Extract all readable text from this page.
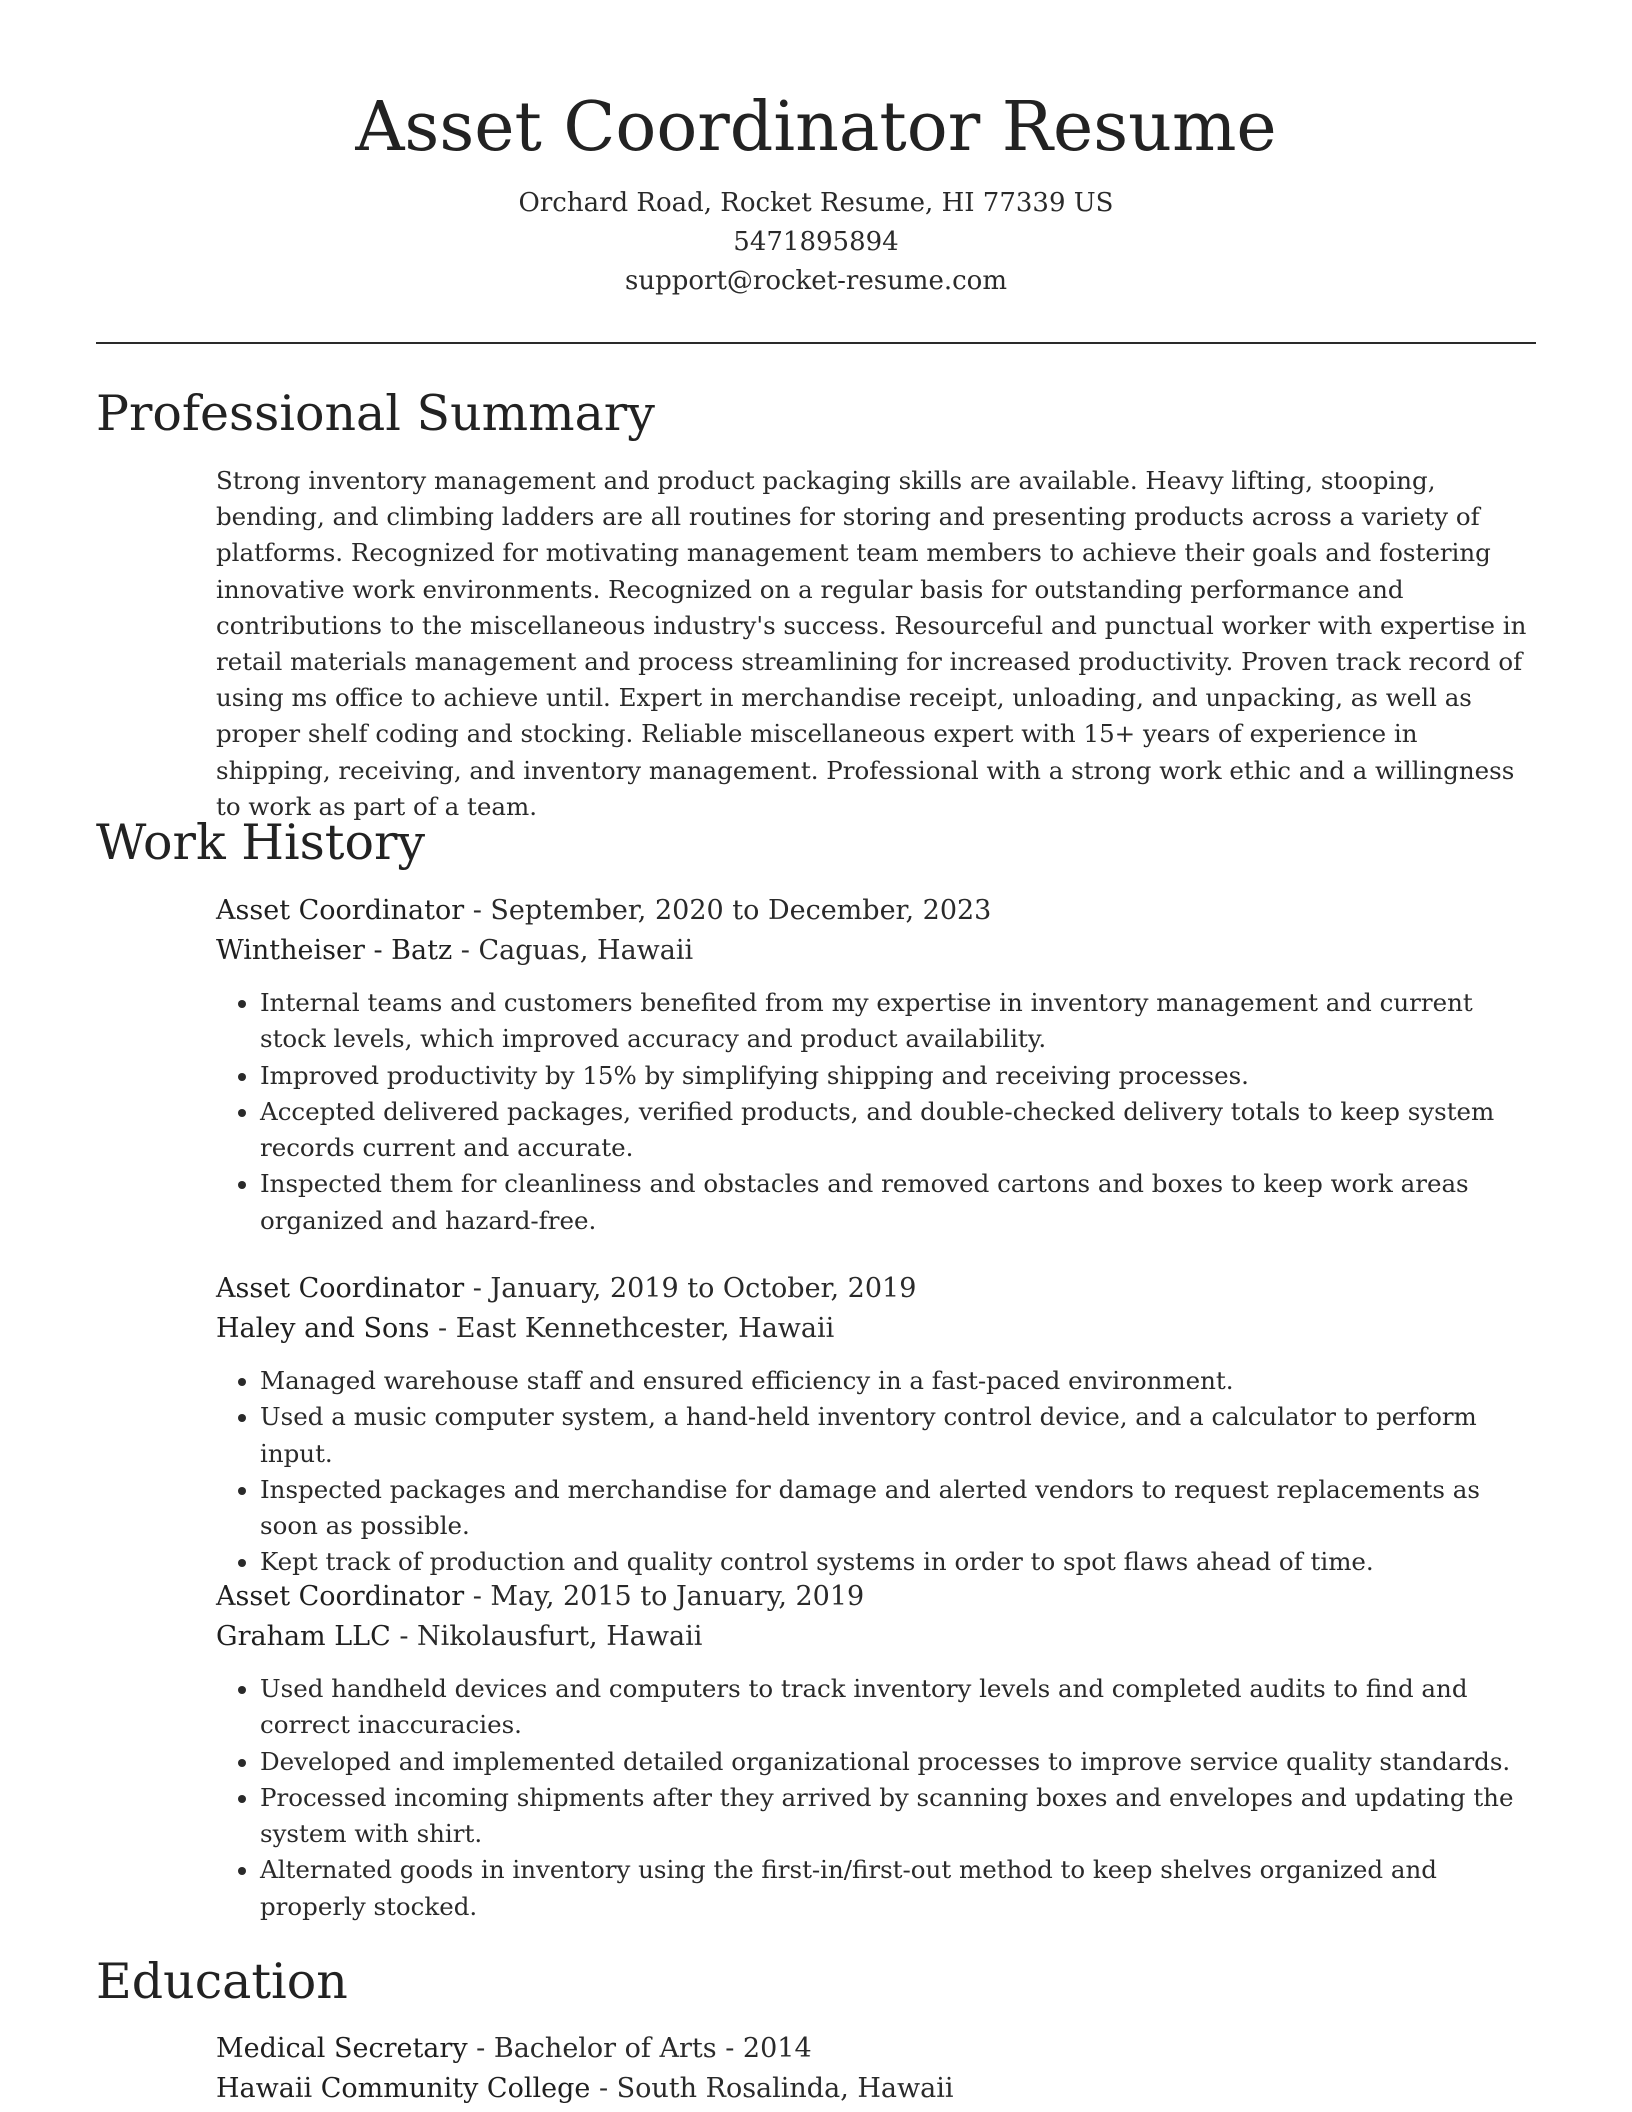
Asset Coordinator Resume
Orchard Road, Rocket Resume, HI 77339 US
5471895894
support@rocket-resume.com
Professional Summary

Strong inventory management and product packaging skills are available. Heavy lifting, stooping, bending, and climbing ladders are all routines for storing and presenting products across a variety of platforms. Recognized for motivating management team members to achieve their goals and fostering innovative work environments. Recognized on a regular basis for outstanding performance and contributions to the miscellaneous industry's success. Resourceful and punctual worker with expertise in retail materials management and process streamlining for increased productivity. Proven track record of using ms office to achieve until. Expert in merchandise receipt, unloading, and unpacking, as well as proper shelf coding and stocking. Reliable miscellaneous expert with 15+ years of experience in shipping, receiving, and inventory management. Professional with a strong work ethic and a willingness to work as part of a team.

Work History
Asset Coordinator - September, 2020 to December, 2023
Wintheiser - Batz - Caguas, Hawaii
• Internal teams and customers benefited from my expertise in inventory management and current stock levels, which improved accuracy and product availability.
• Improved productivity by 15% by simplifying shipping and receiving processes.
• Accepted delivered packages, verified products, and double-checked delivery totals to keep system records current and accurate.
• Inspected them for cleanliness and obstacles and removed cartons and boxes to keep work areas organized and hazard-free.
Asset Coordinator - January, 2019 to October, 2019
Haley and Sons - East Kennethcester, Hawaii
• Managed warehouse staff and ensured efficiency in a fast-paced environment.
• Used a music computer system, a hand-held inventory control device, and a calculator to perform input.
• Inspected packages and merchandise for damage and alerted vendors to request replacements as soon as possible.
• Kept track of production and quality control systems in order to spot flaws ahead of time.
Asset Coordinator - May, 2015 to January, 2019
Graham LLC - Nikolausfurt, Hawaii
• Used handheld devices and computers to track inventory levels and completed audits to find and correct inaccuracies.
• Developed and implemented detailed organizational processes to improve service quality standards.
• Processed incoming shipments after they arrived by scanning boxes and envelopes and updating the system with shirt.
• Alternated goods in inventory using the first-in/first-out method to keep shelves organized and properly stocked.
Education
Medical Secretary - Bachelor of Arts - 2014
Hawaii Community College - South Rosalinda, Hawaii
